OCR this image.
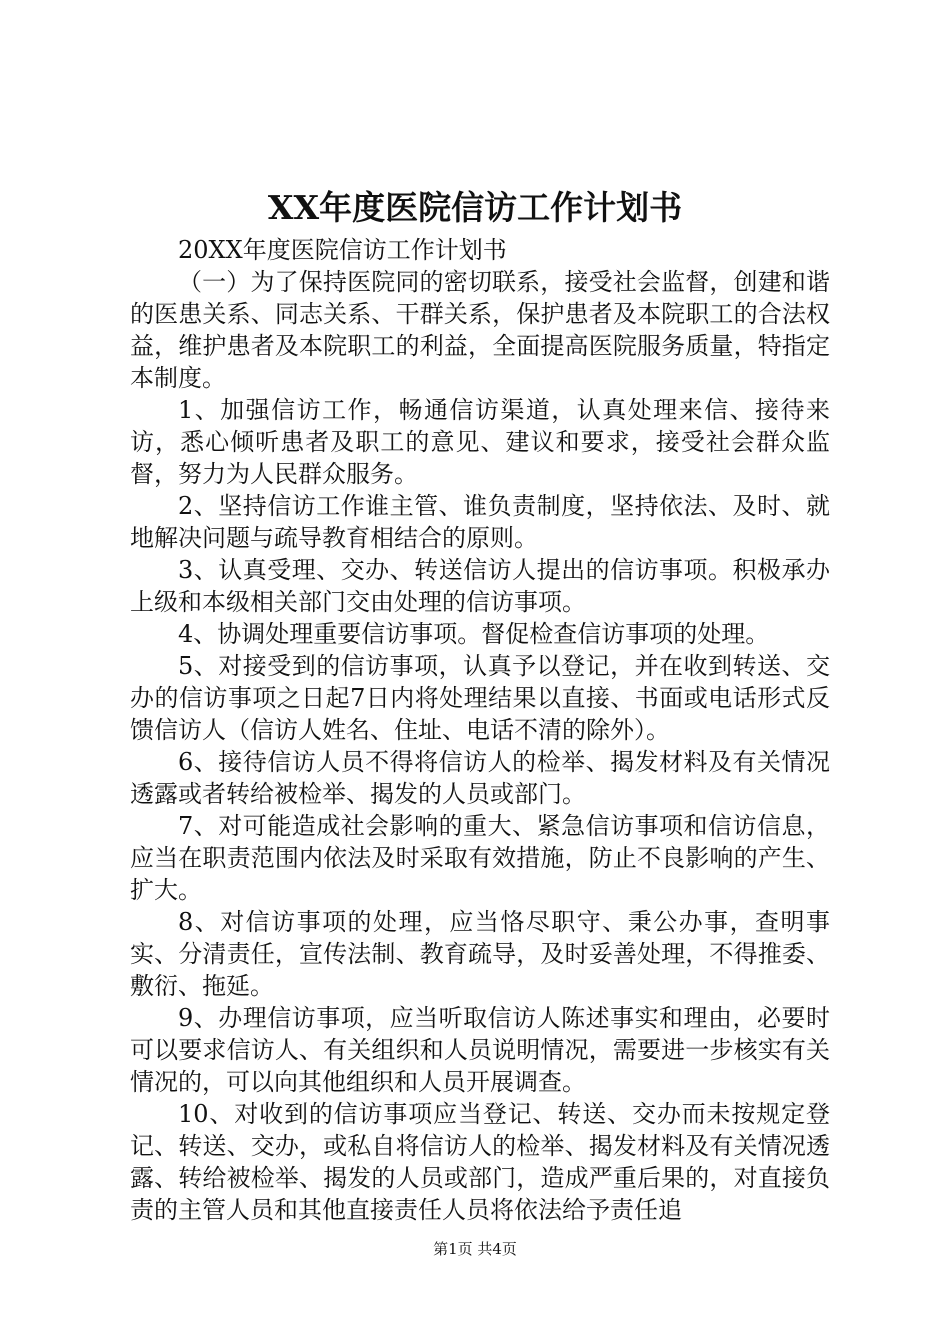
XX年度医院信访工作计划书

20XX年度医院信访工作计划书

（一）为了保持医院同的密切联系，接受社会监督，创建和谐的医患关系、同志关系、干群关系，保护患者及本院职工的合法权益，维护患者及本院职工的利益，全面提高医院服务质量，特指定本制度。

1、加强信访工作，畅通信访渠道，认真处理来信、接待来访，悉心倾听患者及职工的意见、建议和要求，接受社会群众监督，努力为人民群众服务。

2、坚持信访工作谁主管、谁负责制度，坚持依法、及时、就地解决问题与疏导教育相结合的原则。

3、认真受理、交办、转送信访人提出的信访事项。积极承办上级和本级相关部门交由处理的信访事项。

4、协调处理重要信访事项。督促检查信访事项的处理。

5、对接受到的信访事项，认真予以登记，并在收到转送、交办的信访事项之日起7日内将处理结果以直接、书面或电话形式反馈信访人（信访人姓名、住址、电话不清的除外）。

6、接待信访人员不得将信访人的检举、揭发材料及有关情况透露或者转给被检举、揭发的人员或部门。

7、对可能造成社会影响的重大、紧急信访事项和信访信息，应当在职责范围内依法及时采取有效措施，防止不良影响的产生、扩大。

8、对信访事项的处理，应当恪尽职守、秉公办事，查明事实、分清责任，宣传法制、教育疏导，及时妥善处理，不得推委、敷衍、拖延。

9、办理信访事项，应当听取信访人陈述事实和理由，必要时可以要求信访人、有关组织和人员说明情况，需要进一步核实有关情况的，可以向其他组织和人员开展调查。

10、对收到的信访事项应当登记、转送、交办而未按规定登记、转送、交办，或私自将信访人的检举、揭发材料及有关情况透露、转给被检举、揭发的人员或部门，造成严重后果的，对直接负责的主管人员和其他直接责任人员将依法给予责任追

第1页 共4页
